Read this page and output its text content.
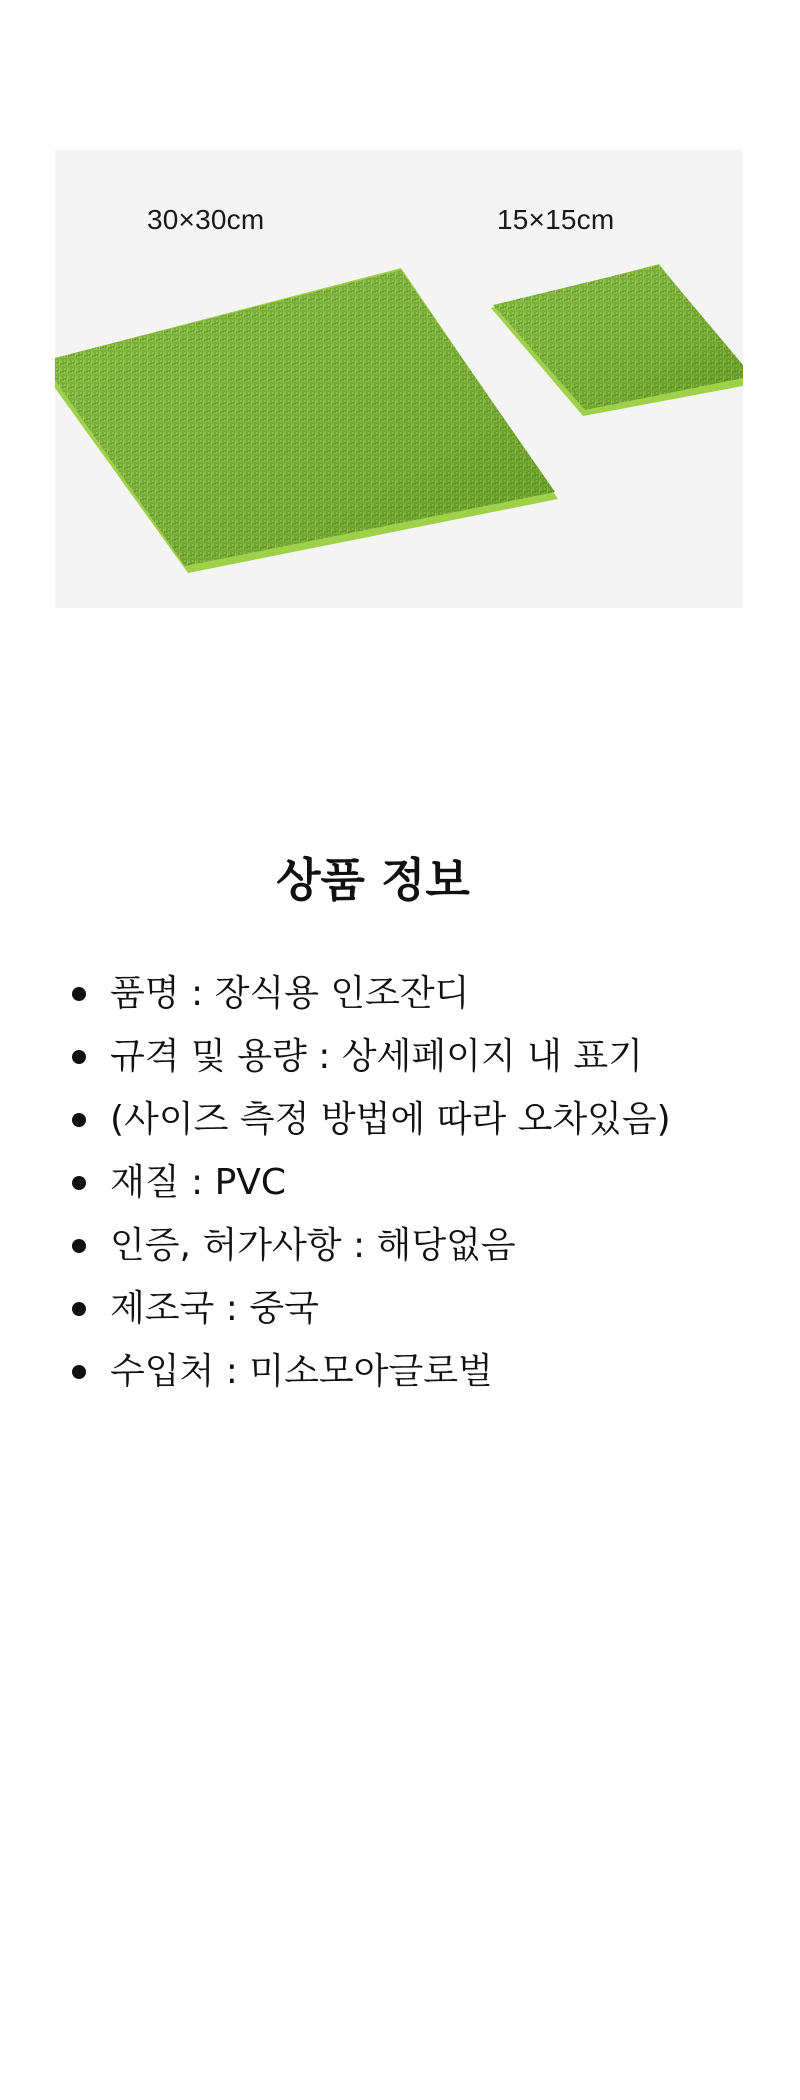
30×30cm	15×15cm
상품 정보
품명 : 장식용 인조잔디
규격 및 용량 : 상세페이지 내 표기
(사이즈 측정 방법에 따라 오차있음)
재질 : PVC
인증, 허가사항 : 해당없음
제조국 : 중국
수입처 : 미소모아글로벌
